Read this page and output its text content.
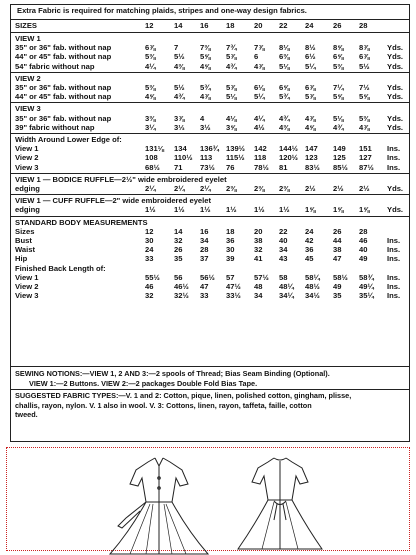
Extra Fabric is required for matching plaids, stripes and one-way design fabrics.
SIZES	12	14 16 18	20 22 24	26 28
VIEW 1
35" or 36" fab. without nap	6⅞ 7	7⅜ 7¾ 7⅞ 8⅛ 8½ 8⅝ 8⅞ Yds.
44" or 45" fab. without nap	5⅜ 5½ 5⅝ 5⅞ 6	6⅜ 6½ 6⅝ 6⅞ Yds.
54" fabric without nap	4¼ 4⅜ 4⅝ 4¾ 4⅞ 5⅛ 5¼ 5⅜ 5½ Yds.
VIEW 2
35" or 36" fab. without nap	5⅜ 5½ 5¾ 5⅞ 6⅛ 6⅝ 6⅞ 7¼ 7½ Yds.
44" or 45" fab. without nap	4⅝ 4¾ 4⅞ 5⅛ 5¼ 5¾ 5⅞ 5⅝ 5⅝ Yds.
VIEW 3
35" or 36" fab. without nap	3⅜ 3⅞ 4	4⅛ 4¼ 4¾ 4⅞ 5⅛ 5⅜ Yds.
39" fabric without nap	3¼ 3⅓ 3½ 3⅝ 4½ 4⅜ 4⅝ 4¾ 4⅞ Yds.
Width Around Lower Edge of:
View 1	131⅛ 134 136¾ 139½ 142 144½ 147 149 151 Ins.
View 2	108 110½ 113 115½ 118 120½ 123 125 127 Ins.
View 3	68½ 71 73½ 76	78½ 81 83½ 85½ 87½ Ins.
VIEW 1 — BODICE RUFFLE—2½" wide embroidered eyelet
edging	2¼ 2¼ 2¼ 2⅜ 2⅜ 2⅜ 2½ 2½ 2½ Yds.
VIEW 1 — CUFF RUFFLE—2" wide embroidered eyelet
edging	1½ 1½ 1½ 1½ 1½ 1½ 1⅝ 1⅝ 1⅝ Yds.
STANDARD BODY MEASUREMENTS
Sizes	12	14 16 18	20 22 24	26 28
Bust	30	32 34 36	38 40 42	44 46	Ins.
Waist	24	26 28 30	32 34 36	38 40	Ins.
Hip	33	35 37 39	41 43 45	47 49	Ins.
Finished Back Length of:
View 1	55½ 56 56½ 57	57½ 58 58¼ 58½ 58¾ Ins.
View 2	46	46½ 47 47½ 48 48¼ 48½ 49 49¼ Ins.
View 3	32	32½ 33 33½ 34 34¼ 34½ 35 35¼ Ins.
SEWING NOTIONS:—VIEW 1, 2 AND 3:—2 spools of Thread; Bias Seam Binding (Optional).
VIEW 1:—2 Buttons. VIEW 2:—2 packages Double Fold Bias Tape.
SUGGESTED FABRIC TYPES:—V. 1 and 2: Cotton, pique, linen, polished cotton, gingham, plisse,
challis, rayon, nylon. V. 1 also in wool. V. 3: Cottons, linen, rayon, taffeta, faille, cotton
tweed.
